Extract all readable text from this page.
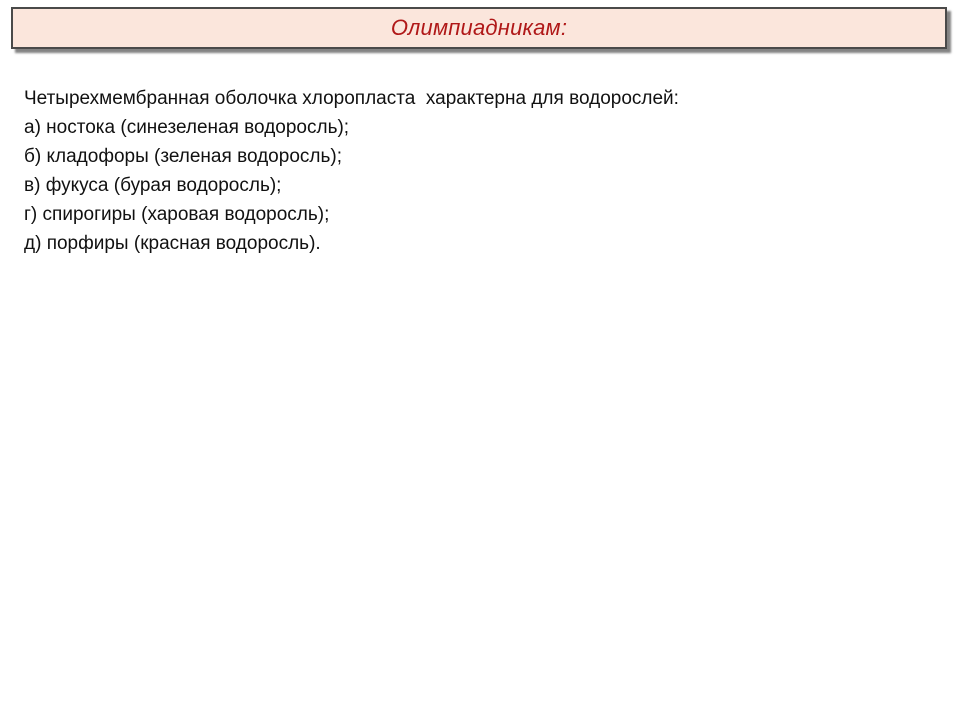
Олимпиадникам:

Четырехмембранная оболочка хлоропласта  характерна для водорослей:

а) ностока (синезеленая водоросль);
б) кладофоры (зеленая водоросль);
в) фукуса (бурая водоросль);
г) спирогиры (харовая водоросль);
д) порфиры (красная водоросль).
